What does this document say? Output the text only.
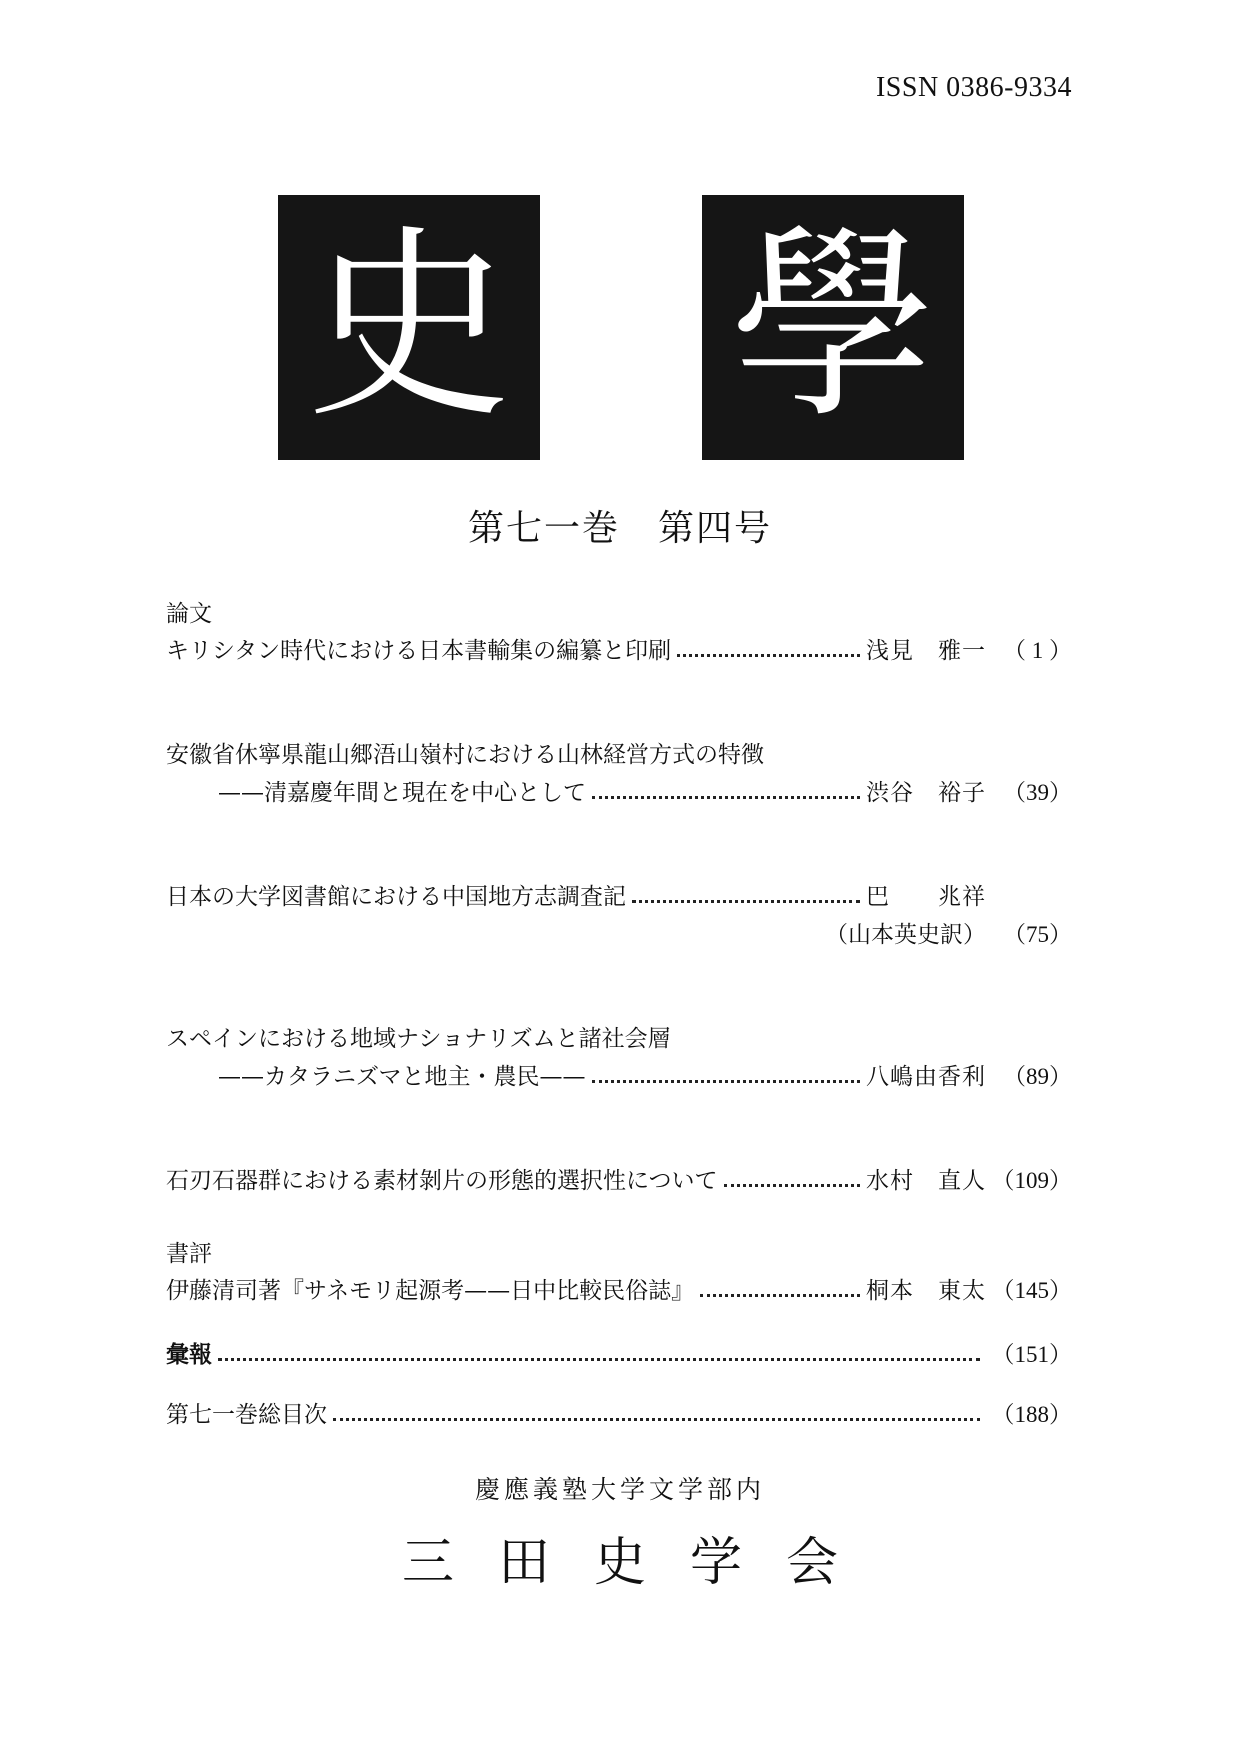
ISSN 0386-9334
史 學
第七一巻　第四号
論文
キリシタン時代における日本書輸集の編纂と印刷	浅見　雅一 （ 1 ）
安徽省休寧県龍山郷浯山嶺村における山林経営方式の特徴
——清嘉慶年間と現在を中心として	渋谷　裕子 （39）
日本の大学図書館における中国地方志調査記	巴　　兆祥
（山本英史訳） （75）
スペインにおける地域ナショナリズムと諸社会層
——カタラニズマと地主・農民——	八嶋由香利 （89）
石刃石器群における素材剝片の形態的選択性について	水村　直人 （109）
書評
伊藤清司著『サネモリ起源考——日中比較民俗誌』	桐本　東太 （145）
彙報	（151）
第七一巻総目次	（188）
慶應義塾大学文学部内
三田史学会
